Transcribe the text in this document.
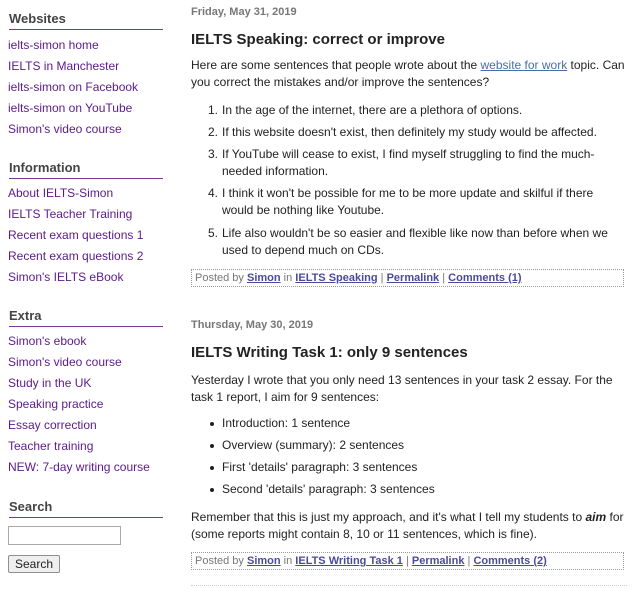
Websites
ielts-simon home
IELTS in Manchester
ielts-simon on Facebook
ielts-simon on YouTube
Simon's video course
Information
About IELTS-Simon
IELTS Teacher Training
Recent exam questions 1
Recent exam questions 2
Simon's IELTS eBook
Extra
Simon's ebook
Simon's video course
Study in the UK
Speaking practice
Essay correction
Teacher training
NEW: 7-day writing course
Search
Search
Friday, May 31, 2019
IELTS Speaking: correct or improve
Here are some sentences that people wrote about the website for work topic. Can you correct the mistakes and/or improve the sentences?
1. In the age of the internet, there are a plethora of options.
2. If this website doesn't exist, then definitely my study would be affected.
3. If YouTube will cease to exist, I find myself struggling to find the much-needed information.
4. I think it won't be possible for me to be more update and skilful if there would be nothing like Youtube.
5. Life also wouldn't be so easier and flexible like now than before when we used to depend much on CDs.
Posted by Simon in IELTS Speaking | Permalink | Comments (1)
Thursday, May 30, 2019
IELTS Writing Task 1: only 9 sentences
Yesterday I wrote that you only need 13 sentences in your task 2 essay. For the task 1 report, I aim for 9 sentences:
Introduction: 1 sentence
Overview (summary): 2 sentences
First 'details' paragraph: 3 sentences
Second 'details' paragraph: 3 sentences
Remember that this is just my approach, and it's what I tell my students to aim for (some reports might contain 8, 10 or 11 sentences, which is fine).
Posted by Simon in IELTS Writing Task 1 | Permalink | Comments (2)
